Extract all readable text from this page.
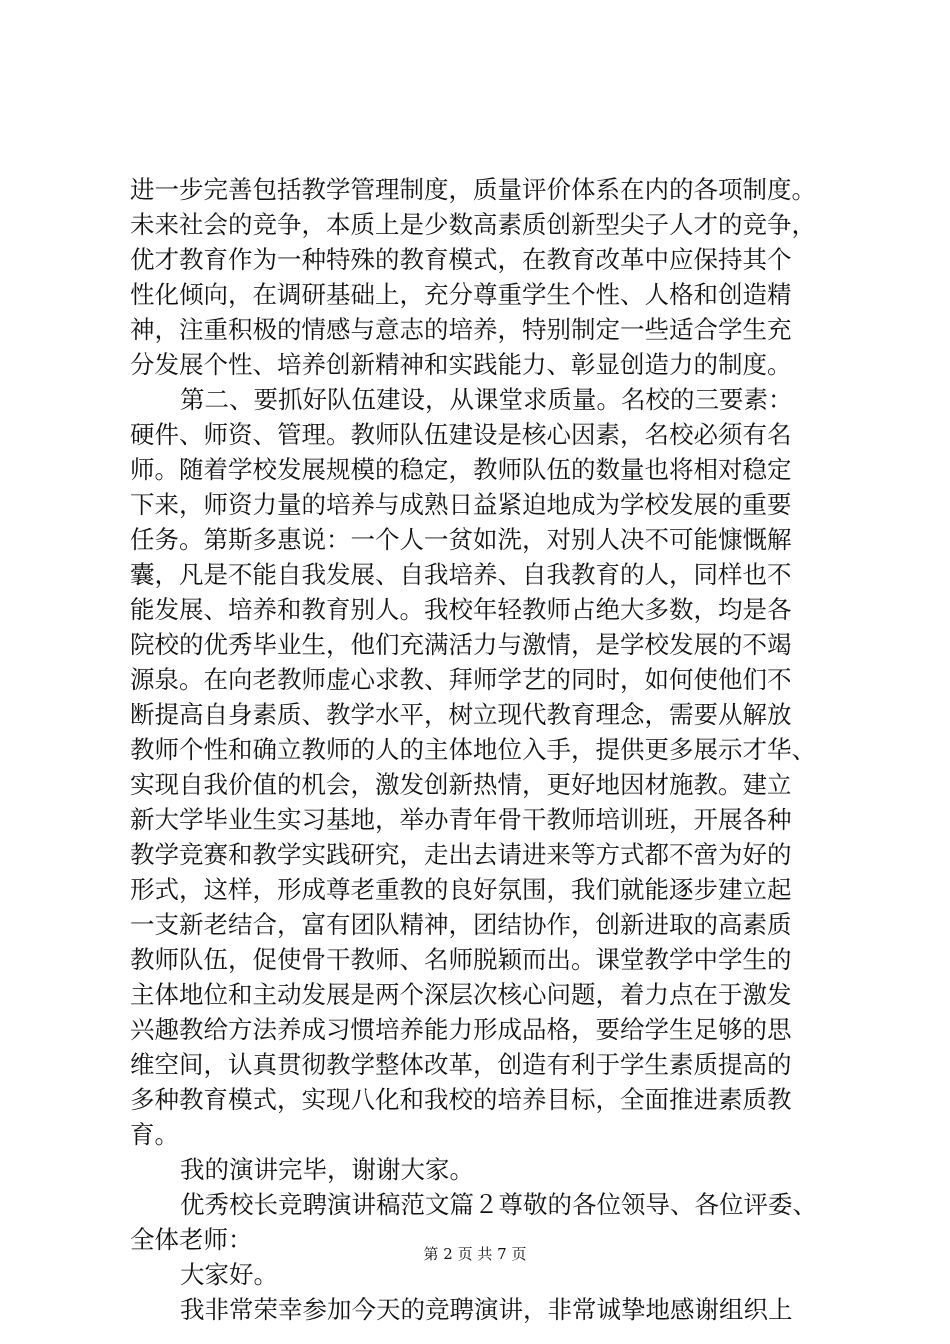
进一步完善包括教学管理制度，质量评价体系在内的各项制度。
未来社会的竞争，本质上是少数高素质创新型尖子人才的竞争，
优才教育作为一种特殊的教育模式，在教育改革中应保持其个
性化倾向，在调研基础上，充分尊重学生个性、人格和创造精
神，注重积极的情感与意志的培养，特别制定一些适合学生充
分发展个性、培养创新精神和实践能力、彰显创造力的制度。
第二、要抓好队伍建设，从课堂求质量。名校的三要素：
硬件、师资、管理。教师队伍建设是核心因素，名校必须有名
师。随着学校发展规模的稳定，教师队伍的数量也将相对稳定
下来，师资力量的培养与成熟日益紧迫地成为学校发展的重要
任务。第斯多惠说：一个人一贫如洗，对别人决不可能慷慨解
囊，凡是不能自我发展、自我培养、自我教育的人，同样也不
能发展、培养和教育别人。我校年轻教师占绝大多数，均是各
院校的优秀毕业生，他们充满活力与激情，是学校发展的不竭
源泉。在向老教师虚心求教、拜师学艺的同时，如何使他们不
断提高自身素质、教学水平，树立现代教育理念，需要从解放
教师个性和确立教师的人的主体地位入手，提供更多展示才华、
实现自我价值的机会，激发创新热情，更好地因材施教。建立
新大学毕业生实习基地，举办青年骨干教师培训班，开展各种
教学竞赛和教学实践研究，走出去请进来等方式都不啻为好的
形式，这样，形成尊老重教的良好氛围，我们就能逐步建立起
一支新老结合，富有团队精神，团结协作，创新进取的高素质
教师队伍，促使骨干教师、名师脱颖而出。课堂教学中学生的
主体地位和主动发展是两个深层次核心问题，着力点在于激发
兴趣教给方法养成习惯培养能力形成品格，要给学生足够的思
维空间，认真贯彻教学整体改革，创造有利于学生素质提高的
多种教育模式，实现八化和我校的培养目标，全面推进素质教
育。
我的演讲完毕，谢谢大家。
优秀校长竞聘演讲稿范文篇２尊敬的各位领导、各位评委、
全体老师：
大家好。
我非常荣幸参加今天的竞聘演讲，非常诚挚地感谢组织上
第 2 页 共 7 页
